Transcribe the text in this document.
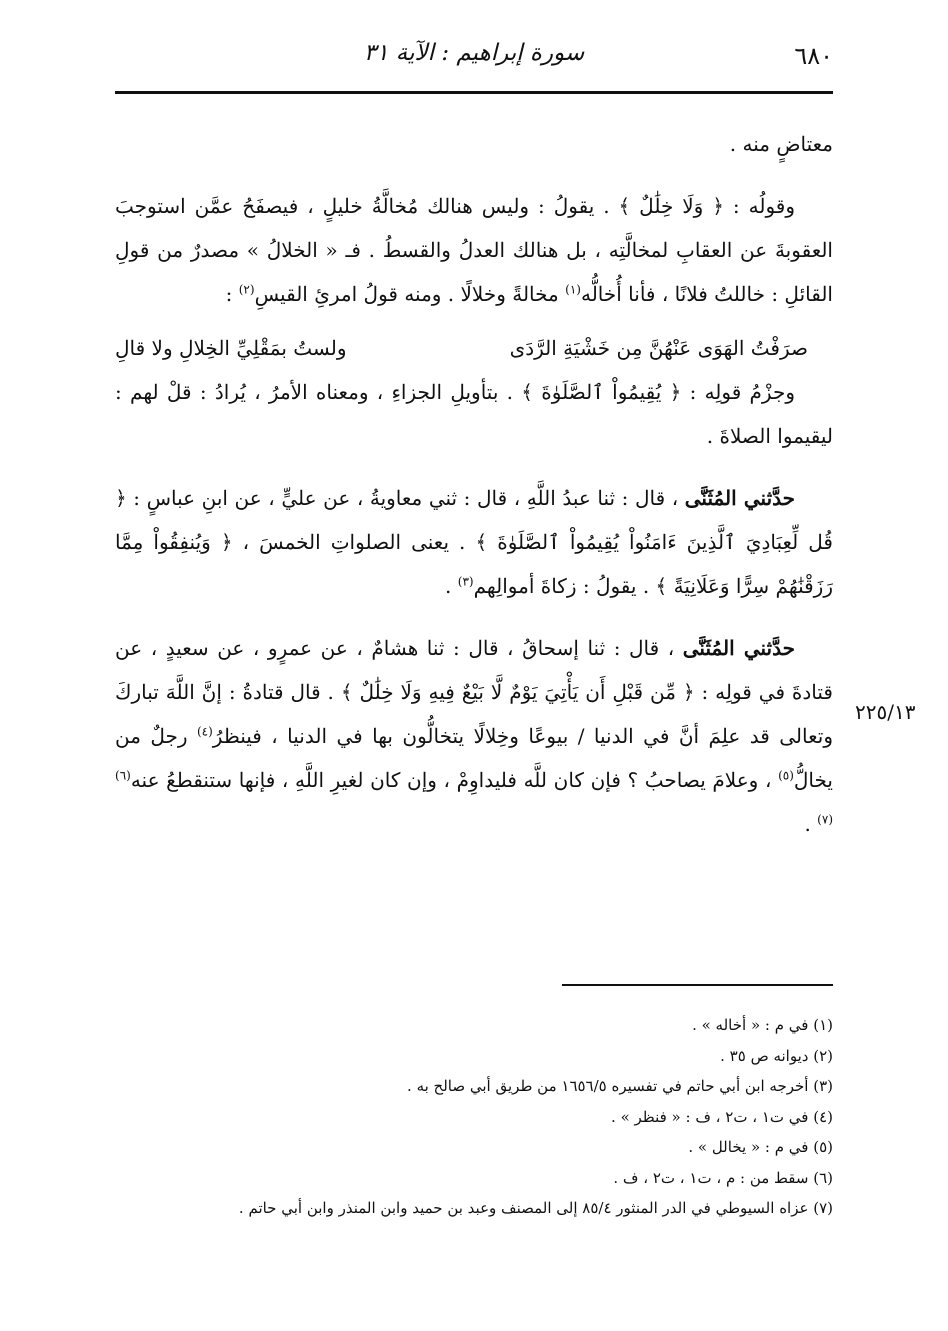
٦٨٠
سورة إبراهيم : الآية ٣١

معتاضٍ منه .

وقولُه : ﴿ وَلَا خِلَٰلٌ ﴾ . يقولُ : وليس هنالك مُخالَّةُ خليلٍ ، فيصفَحُ عمَّن استوجبَ العقوبةَ عن العقابِ لمخالَّتِه ، بل هنالك العدلُ والقسطُ . فـ « الخلالُ » مصدرٌ من قولِ القائلِ : خاللتُ فلانًا ، فأنا أُخالُّه$^{(١)}$ مخالةً وخلالًا . ومنه قولُ امرئِ القيسِ$^{(٢)}$ :

صرَفْتُ الهَوَى عَنْهُنَّ مِن خَشْيَةِ الرَّدَى
ولستُ بمَقْلِيِّ الخِلالِ ولا قالِ

وجزْمُ قولِه : ﴿ يُقِيمُواْ ٱلصَّلَوٰةَ ﴾ . بتأويلِ الجزاءِ ، ومعناه الأمرُ ، يُرادُ : قلْ لهم : ليقيموا الصلاةَ .

حدَّثني المُثَنَّى ، قال : ثنا عبدُ اللَّهِ ، قال : ثني معاويةُ ، عن عليٍّ ، عن ابنِ عباسٍ : ﴿ قُل لِّعِبَادِيَ ٱلَّذِينَ ءَامَنُواْ يُقِيمُواْ ٱلصَّلَوٰةَ ﴾ . يعنى الصلواتِ الخمسَ ، ﴿ وَيُنفِقُواْ مِمَّا رَزَقْنَٰهُمْ سِرًّا وَعَلَانِيَةً ﴾ . يقولُ : زكاةَ أموالِهم$^{(٣)}$ .

حدَّثني المُثَنَّى ، قال : ثنا إسحاقُ ، قال : ثنا هشامٌ ، عن عمرٍو ، عن سعيدٍ ، عن قتادةَ في قولِه : ﴿ مِّن قَبْلِ أَن يَأْتِيَ يَوْمٌ لَّا بَيْعٌ فِيهِ وَلَا خِلَٰلٌ ﴾ . قال قتادةُ : إنَّ اللَّهَ تباركَ وتعالى قد علِمَ أنَّ في الدنيا / بيوعًا وخِلالًا يتخالُّون بها في الدنيا ، فينظرُ$^{(٤)}$ رجلٌ من يخالُّ$^{(٥)}$ ، وعلامَ يصاحبُ ؟ فإن كان للَّه فليداوِمْ ، وإن كان لغيرِ اللَّهِ ، فإنها ستنقطعُ عنه$^{(٦)(٧)}$ .

٢٢٥/١٣
(١) في م : « أخاله » .
(٢) ديوانه ص ٣٥ .
(٣) أخرجه ابن أبي حاتم في تفسيره ١٦٥٦/٥ من طريق أبي صالح به .
(٤) في ت١ ، ت٢ ، ف : « فنظر » .
(٥) في م : « يخالل » .
(٦) سقط من : م ، ت١ ، ت٢ ، ف .
(٧) عزاه السيوطي في الدر المنثور ٨٥/٤ إلى المصنف وعبد بن حميد وابن المنذر وابن أبي حاتم .
